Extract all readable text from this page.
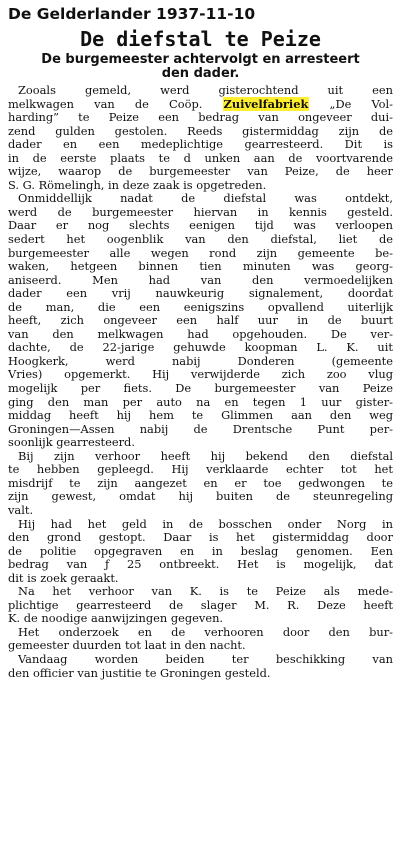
De Gelderlander 1937-11-10
De diefstal te Peize
De burgemeester achtervolgt en arresteert
den dader.
Zooals gemeld, werd gisterochtend uit een
melkwagen van de Coöp. Zuivelfabriek „De Vol-
harding” te Peize een bedrag van ongeveer dui-
zend gulden gestolen. Reeds gistermiddag zijn de
dader en een medeplichtige gearresteerd. Dit is
in de eerste plaats te d unken aan de voortvarende
wijze, waarop de burgemeester van Peize, de heer
S. G. Römelingh, in deze zaak is opgetreden.
Onmiddellijk nadat de diefstal was ontdekt,
werd de burgemeester hiervan in kennis gesteld.
Daar er nog slechts eenigen tijd was verloopen
sedert het oogenblik van den diefstal, liet de
burgemeester alle wegen rond zijn gemeente be-
waken, hetgeen binnen tien minuten was georg-
aniseerd. Men had van den vermoedelijken
dader een vrij nauwkeurig signalement, doordat
de man, die een eenigszins opvallend uiterlijk
heeft, zich ongeveer een half uur in de buurt
van den melkwagen had opgehouden. De ver-
dachte, de 22-jarige gehuwde koopman L. K. uit
Hoogkerk, werd nabij Donderen (gemeente
Vries) opgemerkt. Hij verwijderde zich zoo vlug
mogelijk per fiets. De burgemeester van Peize
ging den man per auto na en tegen 1 uur gister-
middag heeft hij hem te Glimmen aan den weg
Groningen—Assen nabij de Drentsche Punt per-
soonlijk gearresteerd.
Bij zijn verhoor heeft hij bekend den diefstal
te hebben gepleegd. Hij verklaarde echter tot het
misdrijf te zijn aangezet en er toe gedwongen te
zijn gewest, omdat hij buiten de steunregeling
valt.
Hij had het geld in de bosschen onder Norg in
den grond gestopt. Daar is het gistermiddag door
de politie opgegraven en in beslag genomen. Een
bedrag van ƒ 25 ontbreekt. Het is mogelijk, dat
dit is zoek geraakt.
Na het verhoor van K. is te Peize als mede-
plichtige gearresteerd de slager M. R. Deze heeft
K. de noodige aanwijzingen gegeven.
Het onderzoek en de verhooren door den bur-
gemeester duurden tot laat in den nacht.
Vandaag worden beiden ter beschikking van
den officier van justitie te Groningen gesteld.
